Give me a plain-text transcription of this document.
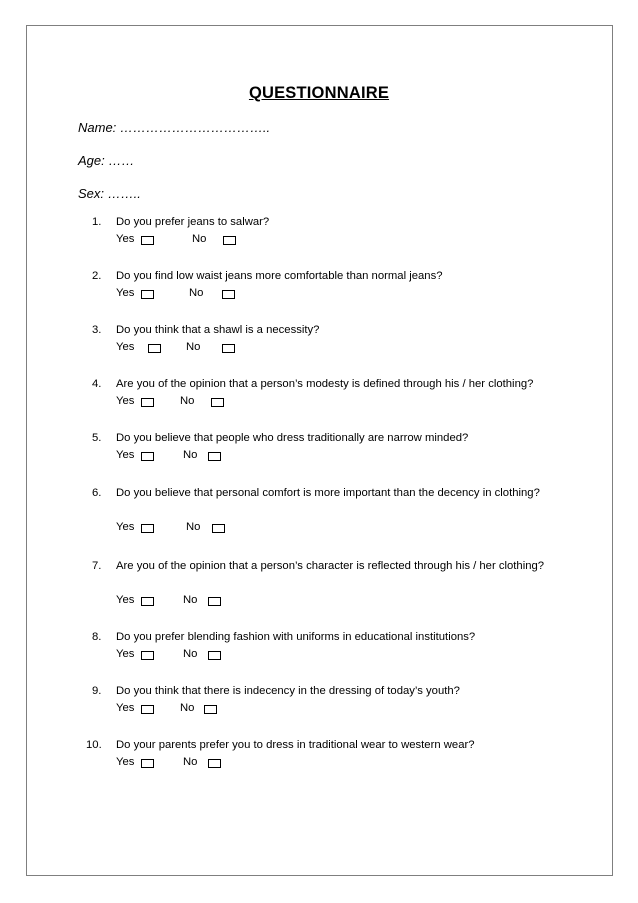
QUESTIONNAIRE
Name: ……………………………..
Age: ……
Sex: ……..
1. Do you prefer jeans to salwar?
Yes	No
2. Do you find low waist jeans more comfortable than normal jeans?
Yes	No
3. Do you think that a shawl is a necessity?
Yes	No
4. Are you of the opinion that a person’s modesty is defined through his / her clothing?
Yes	No
5. Do you believe that people who dress traditionally are narrow minded?
Yes	No
6. Do you believe that personal comfort is more important than the decency in clothing?
Yes	No
7. Are you of the opinion that a person’s character is reflected through his / her clothing?
Yes	No
8. Do you prefer blending fashion with uniforms in educational institutions?
Yes	No
9. Do you think that there is indecency in the dressing of today’s youth?
Yes	No
10. Do your parents prefer you to dress in traditional wear to western wear?
Yes	No
